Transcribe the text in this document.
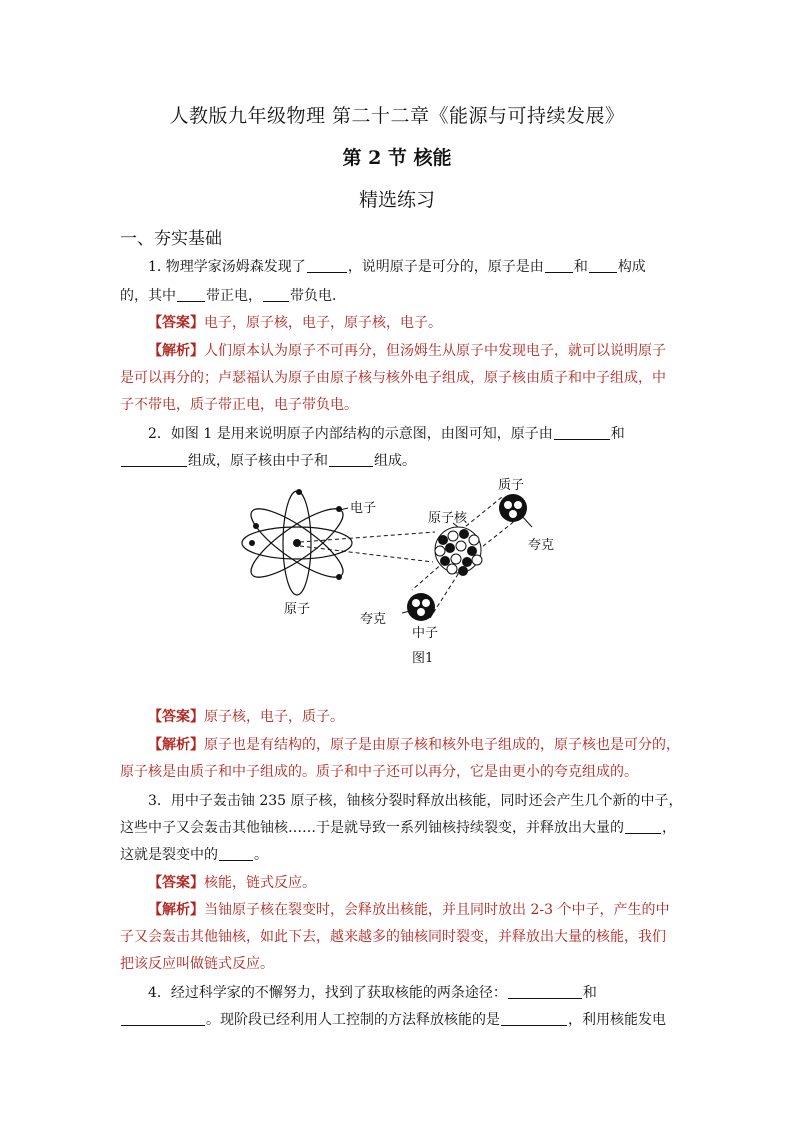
人教版九年级物理 第二十二章《能源与可持续发展》
第 2 节 核能
精选练习
一、夯实基础
1. 物理学家汤姆森发现了	，说明原子是可分的，原子是由 和 构成
的，其中 带正电， 带负电．
【答案】电子，原子核，电子，原子核，电子。
【解析】人们原本认为原子不可再分，但汤姆生从原子中发现电子，就可以说明原子
是可以再分的；卢瑟福认为原子由原子核与核外电子组成，原子核由质子和中子组成，中
子不带电，质子带正电，电子带负电。
2．如图 1 是用来说明原子内部结构的示意图，由图可知，原子由	和
组成，原子核由中子和	组成。
电子
原子
原子核
质子
夸克
夸克
中子
图1
【答案】原子核，电子，质子。
【解析】原子也是有结构的，原子是由原子核和核外电子组成的，原子核也是可分的，
原子核是由质子和中子组成的。质子和中子还可以再分，它是由更小的夸克组成的。
3．用中子轰击铀 235 原子核，铀核分裂时释放出核能，同时还会产生几个新的中子，
这些中子又会轰击其他铀核……于是就导致一系列铀核持续裂变，并释放出大量的	，
这就是裂变中的	。
【答案】核能，链式反应。
【解析】当铀原子核在裂变时，会释放出核能，并且同时放出 2-3 个中子，产生的中
子又会轰击其他铀核，如此下去，越来越多的铀核同时裂变，并释放出大量的核能，我们
把该反应叫做链式反应。
4．经过科学家的不懈努力，找到了获取核能的两条途径：	和
。现阶段已经利用人工控制的方法释放核能的是	，利用核能发电
